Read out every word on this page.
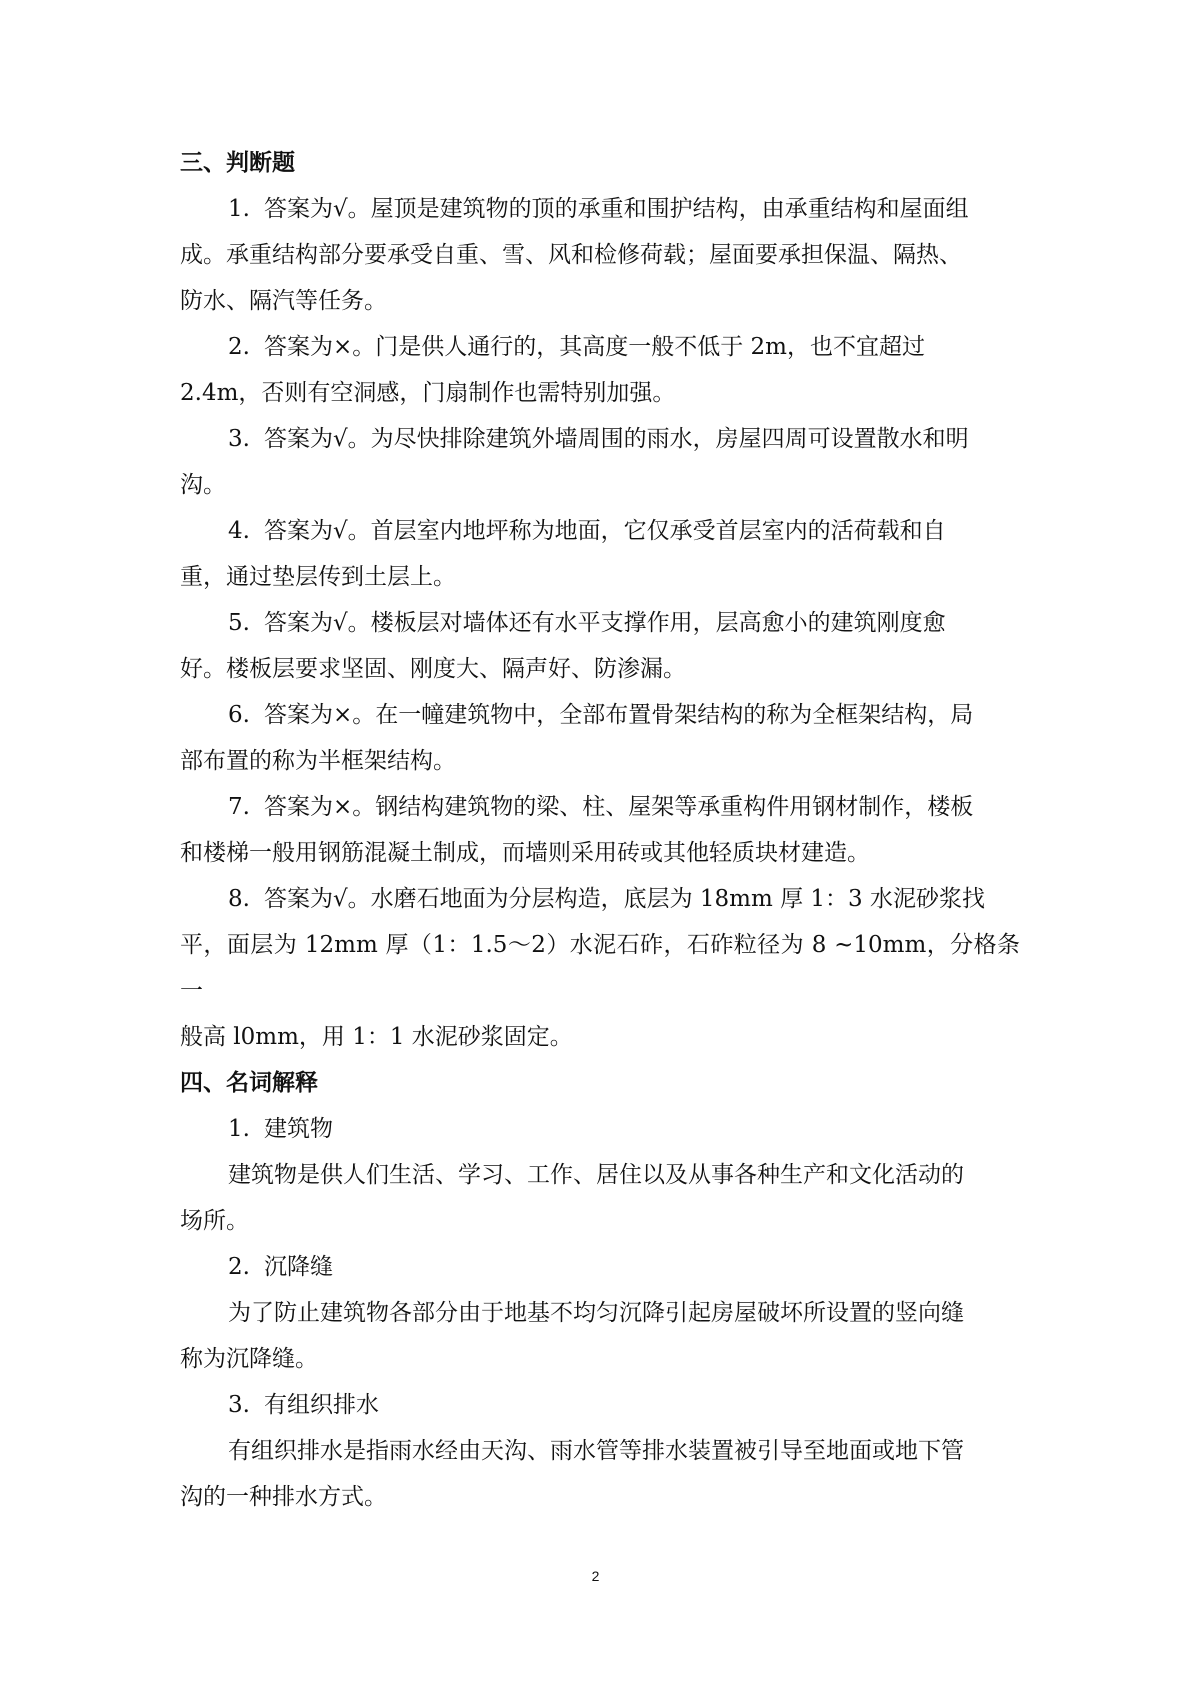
三、判断题
1. 答案为√。屋顶是建筑物的顶的承重和围护结构，由承重结构和屋面组
成。承重结构部分要承受自重、雪、风和检修荷载；屋面要承担保温、隔热、
防水、隔汽等任务。
2. 答案为×。门是供人通行的，其高度一般不低于 2m，也不宜超过
2.4m，否则有空洞感，门扇制作也需特别加强。
3. 答案为√。为尽快排除建筑外墙周围的雨水，房屋四周可设置散水和明
沟。
4. 答案为√。首层室内地坪称为地面，它仅承受首层室内的活荷载和自
重，通过垫层传到土层上。
5. 答案为√。楼板层对墙体还有水平支撑作用，层高愈小的建筑刚度愈
好。楼板层要求坚固、刚度大、隔声好、防渗漏。
6. 答案为×。在一幢建筑物中，全部布置骨架结构的称为全框架结构，局
部布置的称为半框架结构。
7. 答案为×。钢结构建筑物的梁、柱、屋架等承重构件用钢材制作，楼板
和楼梯一般用钢筋混凝土制成，而墙则采用砖或其他轻质块材建造。
8. 答案为√。水磨石地面为分层构造，底层为 18mm 厚 1：3 水泥砂浆找
平，面层为 12mm 厚（1：1.5～2）水泥石砟，石砟粒径为 8 ~10mm，分格条一
般高 l0mm，用 1：1 水泥砂浆固定。
四、名词解释
1. 建筑物
建筑物是供人们生活、学习、工作、居住以及从事各种生产和文化活动的
场所。
2. 沉降缝
为了防止建筑物各部分由于地基不均匀沉降引起房屋破坏所设置的竖向缝
称为沉降缝。
3. 有组织排水
有组织排水是指雨水经由天沟、雨水管等排水装置被引导至地面或地下管
沟的一种排水方式。
2
